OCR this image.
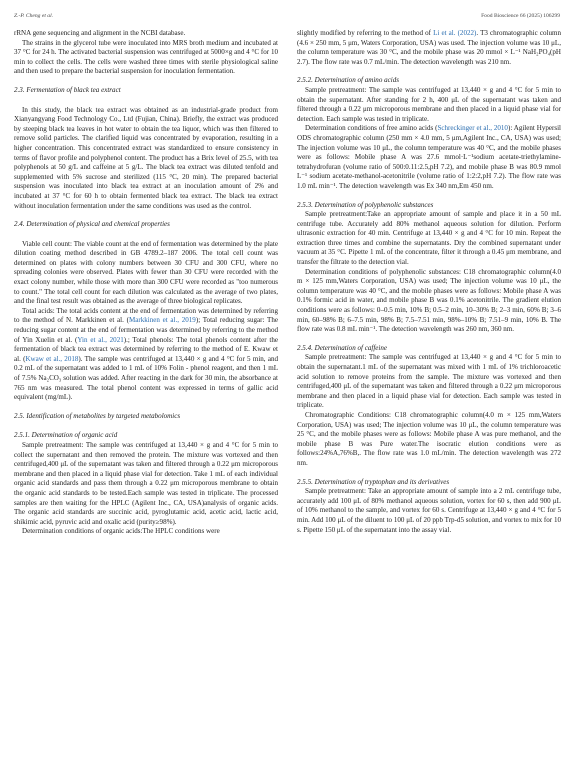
Z.-P. Cheng et al.	Food Bioscience 66 (2025) 106299

rRNA gene sequencing and alignment in the NCBI database.

The strains in the glycerol tube were inoculated into MRS broth medium and incubated at 37 °C for 24 h. The activated bacterial suspension was centrifuged at 5000×g and 4 °C for 10 min to collect the cells. The cells were washed three times with sterile physiological saline and then used to prepare the bacterial suspension for inoculation fermentation.

2.3. Fermentation of black tea extract

In this study, the black tea extract was obtained as an industrial-grade product from Xianyangyang Food Technology Co., Ltd (Fujian, China). Briefly, the extract was produced by steeping black tea leaves in hot water to obtain the tea liquor, which was then filtered to remove solid particles. The clarified liquid was concentrated by evaporation, resulting in a higher concentration. This concentrated extract was standardized to ensure consistency in terms of flavor profile and polyphenol content. The product has a Brix level of 25.5, with tea polyphenols at 50 g/L and caffeine at 5 g/L. The black tea extract was diluted tenfold and supplemented with 5% sucrose and sterilized (115 °C, 20 min). The prepared bacterial suspension was inoculated into black tea extract at an inoculation amount of 2% and incubated at 37 °C for 60 h to obtain fermented black tea extract. The black tea extract without inoculation fermentation under the same conditions was used as the control.

2.4. Determination of physical and chemical properties

Viable cell count: The viable count at the end of fermentation was determined by the plate dilution coating method described in GB 4789.2–187 2006. The total cell count was determined on plates with colony numbers between 30 CFU and 300 CFU, where no spreading colonies were observed. Plates with fewer than 30 CFU were recorded with the exact colony number, while those with more than 300 CFU were recorded as "too numerous to count." The total cell count for each dilution was calculated as the average of two plates, and the final test result was obtained as the average of three biological replicates.

Total acids: The total acids content at the end of fermentation was determined by referring to the method of N. Markkinen et al. (Markkinen et al., 2019); Total reducing sugar: The reducing sugar content at the end of fermentation was determined by referring to the method of Yin Xuelin et al. (Yin et al., 2021).; Total phenols: The total phenols content after the fermentation of black tea extract was determined by referring to the method of E. Kwaw et al. (Kwaw et al., 2018). The sample was centrifuged at 13,440 × g and 4 °C for 5 min, and 0.2 mL of the supernatant was added to 1 mL of 10% Folin - phenol reagent, and then 1 mL of 7.5% Na₂CO₃ solution was added. After reacting in the dark for 30 min, the absorbance at 765 nm was measured. The total phenol content was expressed in terms of gallic acid equivalent (mg/mL).

2.5. Identification of metabolites by targeted metabolomics
2.5.1. Determination of organic acid

Sample pretreatment: The sample was centrifuged at 13,440 × g and 4 °C for 5 min to collect the supernatant and then removed the protein. The mixture was vortexed and then centrifuged,400 μL of the supernatant was taken and filtered through a 0.22 μm microporous membrane and then placed in a liquid phase vial for detection. Take 1 mL of each individual organic acid standards and pass them through a 0.22 μm microporous membrane to obtain the organic acid standards to be tested.Each sample was tested in triplicate. The processed samples are then waiting for the HPLC (Agilent Inc., CA, USA)analysis of organic acids. The organic acid standards are succinic acid, pyroglutamic acid, acetic acid, lactic acid, shikimic acid, pyruvic acid and oxalic acid (purity≥98%).

Determination conditions of organic acids:The HPLC conditions were

slightly modified by referring to the method of Li et al. (2022). T3 chromatographic column (4.6 × 250 mm, 5 μm, Waters Corporation, USA) was used. The injection volume was 10 μL, the column temperature was 30 °C, and the mobile phase was 20 mmol × L⁻¹ NaH₂PO₄(pH 2.7). The flow rate was 0.7 mL/min. The detection wavelength was 210 nm.

2.5.2. Determination of amino acids

Sample pretreatment: The sample was centrifuged at 13,440 × g and 4 °C for 5 min to obtain the supernatant. After standing for 2 h, 400 μL of the supernatant was taken and filtered through a 0.22 μm microporous membrane and then placed in a liquid phase vial for detection. Each sample was tested in triplicate.

Determination conditions of free amino acids (Schreckinger et al., 2010): Agilent Hypersil ODS chromatographic column (250 mm × 4.0 mm, 5 μm,Agilent Inc., CA, USA) was used; The injection volume was 10 μL, the column temperature was 40 °C, and the mobile phases were as follows: Mobile phase A was 27.6 mmol·L⁻¹sodium acetate-triethylamine-tetrahydrofuran (volume ratio of 500:0.11:2.5,pH 7.2), and mobile phase B was 80.9 mmol L⁻¹ sodium acetate-methanol-acetonitrile (volume ratio of 1:2:2,pH 7.2). The flow rate was 1.0 mL min⁻¹. The detection wavelength was Ex 340 nm,Em 450 nm.

2.5.3. Determination of polyphenolic substances

Sample pretreatment:Take an appropriate amount of sample and place it in a 50 mL centrifuge tube. Accurately add 80% methanol aqueous solution for dilution. Perform ultrasonic extraction for 40 min. Centrifuge at 13,440 × g and 4 °C for 10 min. Repeat the extraction three times and combine the supernatants. Dry the combined supernatant under vacuum at 35 °C. Pipette 1 mL of the concentrate, filter it through a 0.45 μm membrane, and transfer the filtrate to the detection vial.

Determination conditions of polyphenolic substances: C18 chromatographic column(4.0 m × 125 mm,Waters Corporation, USA) was used; The injection volume was 10 μL, the column temperature was 40 °C, and the mobile phases were as follows: Mobile phase A was 0.1% formic acid in water, and mobile phase B was 0.1% acetonitrile. The gradient elution conditions were as follows: 0–0.5 min, 10% B; 0.5–2 min, 10–30% B; 2–3 min, 60% B; 3–6 min, 60–98% B; 6–7.5 min, 98% B; 7.5–7.51 min, 98%–10% B; 7.51–9 min, 10% B. The flow rate was 0.8 mL min⁻¹. The detection wavelength was 260 nm, 360 nm.

2.5.4. Determination of caffeine

Sample pretreatment: The sample was centrifuged at 13,440 × g and 4 °C for 5 min to obtain the supernatant.1 mL of the supernatant was mixed with 1 mL of 1% trichloroacetic acid solution to remove proteins from the sample. The mixture was vortexed and then centrifuged,400 μL of the supernatant was taken and filtered through a 0.22 μm microporous membrane and then placed in a liquid phase vial for detection. Each sample was tested in triplicate.

Chromatographic Conditions: C18 chromatographic column(4.0 m × 125 mm,Waters Corporation, USA) was used; The injection volume was 10 μL, the column temperature was 25 °C, and the mobile phases were as follows: Mobile phase A was pure methanol, and the mobile phase B was Pure water.The isocratic elution conditions were as follows:24%A,76%B,. The flow rate was 1.0 mL/min. The detection wavelength was 272 nm.

2.5.5. Determination of tryptophan and its derivatives

Sample pretreatment: Take an appropriate amount of sample into a 2 mL centrifuge tube, accurately add 100 μL of 80% methanol aqueous solution, vortex for 60 s, then add 900 μL of 10% methanol to the sample, and vortex for 60 s. Centrifuge at 13,440 × g and 4 °C for 5 min. Add 100 μL of the diluent to 100 μL of 20 ppb Trp-d5 solution, and vortex to mix for 10 s. Pipette 150 μL of the supernatant into the assay vial.
